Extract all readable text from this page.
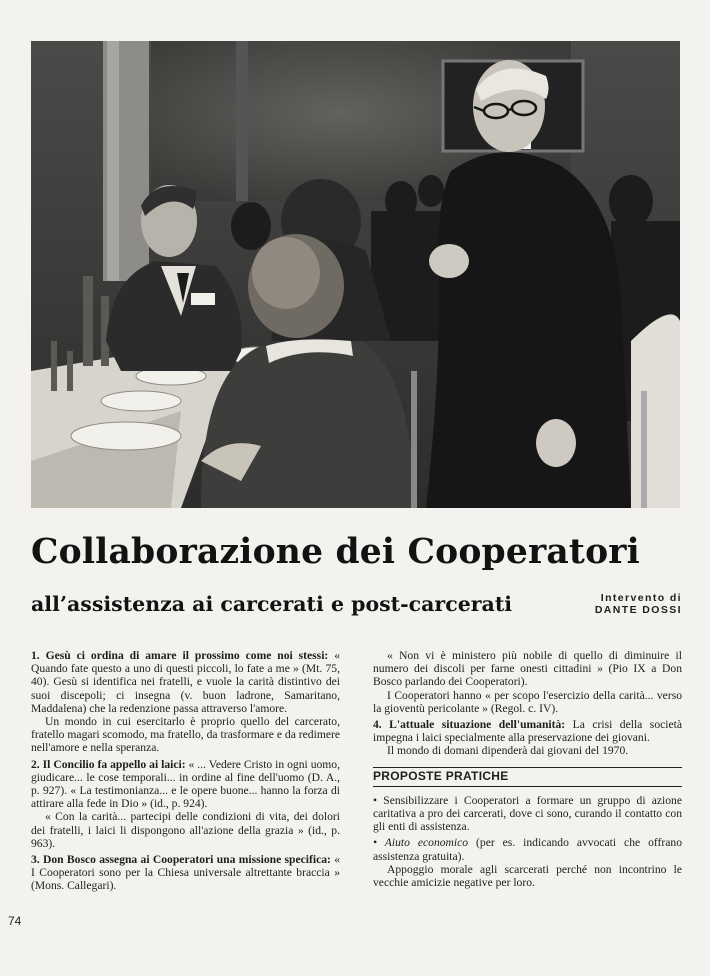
Collaborazione dei Cooperatori
all’assistenza ai carcerati e post-carcerati	Intervento di
DANTE DOSSI

1. Gesù ci ordina di amare il prossimo come noi stessi: « Quando fate questo a uno di questi piccoli, lo fate a me » (Mt. 75, 40). Gesù si identifica nei fratelli, e vuole la carità distintivo dei suoi discepoli; ci insegna (v. buon ladrone, Samaritano, Maddalena) che la redenzione passa attraverso l'amore.

Un mondo in cui esercitarlo è proprio quello del carcerato, fratello magari scomodo, ma fratello, da trasformare e da redimere nell'amore e nella speranza.

2. Il Concilio fa appello ai laici: « ... Vedere Cristo in ogni uomo, giudicare... le cose temporali... in ordine al fine dell'uomo (D. A., p. 927). « La testimonianza... e le opere buone... hanno la forza di attirare alla fede in Dio » (id., p. 924).

« Con la carità... partecipi delle condizioni di vita, dei dolori dei fratelli, i laici li dispongono all'azione della grazia » (id., p. 963).

3. Don Bosco assegna ai Cooperatori una missione specifica: « I Cooperatori sono per la Chiesa universale altrettante braccia » (Mons. Callegari).

« Non vi è ministero più nobile di quello di diminuire il numero dei discoli per farne onesti cittadini » (Pio IX a Don Bosco parlando dei Cooperatori).

I Cooperatori hanno « per scopo l'esercizio della carità... verso la gioventù pericolante » (Regol. c. IV).

4. L'attuale situazione dell'umanità: La crisi della società impegna i laici specialmente alla preservazione dei giovani.

Il mondo di domani dipenderà dai giovani del 1970.

PROPOSTE PRATICHE

• Sensibilizzare i Cooperatori a formare un gruppo di azione caritativa a pro dei carcerati, dove ci sono, curando il contatto con gli enti di assistenza.

• Aiuto economico (per es. indicando avvocati che offrano assistenza gratuita).

Appoggio morale agli scarcerati perché non incontrino le vecchie amicizie negative per loro.

74
